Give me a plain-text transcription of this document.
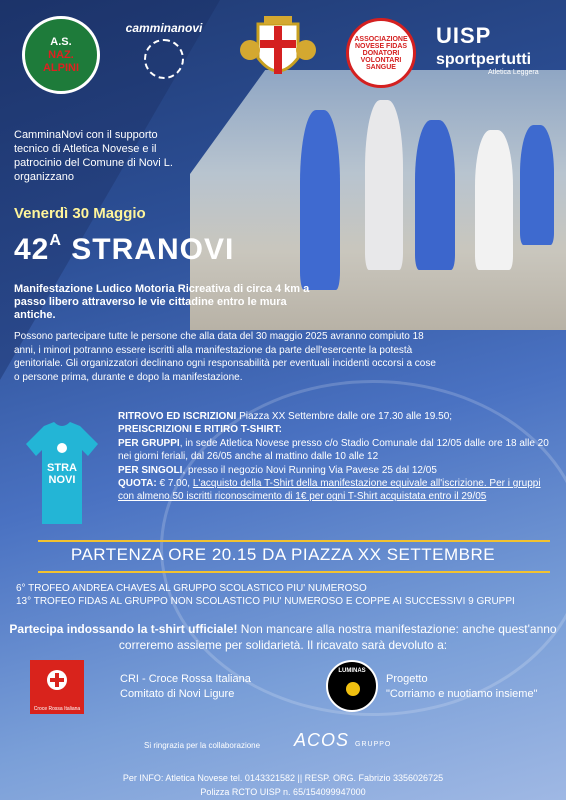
A.S.
NAZ.
ALPINI
camminanovi
ASSOCIAZIONE NOVESE FIDAS DONATORI VOLONTARI SANGUE
UISP
sportpertutti
Atletica Leggera
CamminaNovi con il supporto tecnico di Atletica Novese e il patrocinio del Comune di Novi L. organizzano
Venerdì 30 Maggio
$42^A$ STRANOVI
Manifestazione Ludico Motoria Ricreativa di circa 4 km a passo libero attraverso le vie cittadine entro le mura antiche.
Possono partecipare tutte le persone che alla data del 30 maggio 2025 avranno compiuto 18 anni, i minori potranno essere iscritti alla manifestazione da parte dell'esercente la potestà genitoriale. Gli organizzatori declinano ogni responsabilità per eventuali incidenti occorsi a cose o persone prima, durante e dopo la manifestazione.
STRA NOVI
RITROVO ED ISCRIZIONI Piazza XX Settembre dalle ore 17.30 alle 19.50;
PREISCRIZIONI E RITIRO T-SHIRT:
PER GRUPPI, in sede Atletica Novese presso c/o Stadio Comunale dal 12/05 dalle ore 18 alle 20 nei giorni feriali, dal 26/05 anche al mattino dalle 10 alle 12
PER SINGOLI, presso il negozio Novi Running Via Pavese 25 dal 12/05
QUOTA: € 7.00, L'acquisto della T-Shirt della manifestazione equivale all'iscrizione. Per i gruppi con almeno 50 iscritti riconoscimento di 1€ per ogni T-Shirt acquistata entro il 29/05
PARTENZA ORE 20.15 DA PIAZZA XX SETTEMBRE
6° TROFEO ANDREA CHAVES AL GRUPPO SCOLASTICO PIU' NUMEROSO
13° TROFEO FIDAS AL GRUPPO NON SCOLASTICO PIU' NUMEROSO E COPPE AI SUCCESSIVI 9 GRUPPI
Partecipa indossando la t-shirt ufficiale! Non mancare alla nostra manifestazione: anche quest'anno correremo assieme per solidarietà. Il ricavato sarà devoluto a:
Croce Rossa Italiana
CRI - Croce Rossa Italiana
Comitato di Novi Ligure
LUMINAS
Progetto
"Corriamo e nuotiamo insieme"
Si ringrazia per la collaborazione ACOS GRUPPO
Per INFO: Atletica Novese tel. 0143321582 || RESP. ORG. Fabrizio 3356026725
Polizza RCTO UISP n. 65/154099947000
